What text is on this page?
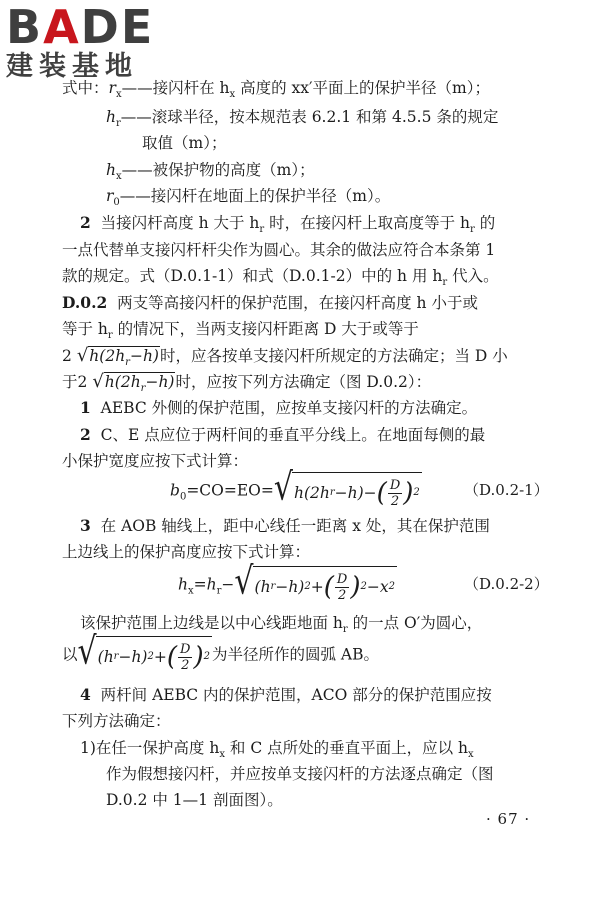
BADE
建装基地
式中：$r_x——$接闪杆在 $h_x$ 高度的 xx′平面上的保护半径（m）；
$h_r——$滚球半径，按本规范表 6.2.1 和第 4.5.5 条的规定
取值（m）；
$h_x——$被保护物的高度（m）；
$r_0——$接闪杆在地面上的保护半径（m）。
2 当接闪杆高度 h 大于 $h_r$ 时，在接闪杆上取高度等于 $h_r$ 的
一点代替单支接闪杆杆尖作为圆心。其余的做法应符合本条第 1
款的规定。式（D.0.1-1）和式（D.0.1-2）中的 h 用 $h_r$ 代入。
D.0.2 两支等高接闪杆的保护范围，在接闪杆高度 h 小于或
等于 $h_r$ 的情况下，当两支接闪杆距离 D 大于或等于
2 $√h(2h_r-h)$时，应各按单支接闪杆所规定的方法确定；当 D 小
于2 $√h(2h_r-h)$时，应按下列方法确定（图 D.0.2）：
1 AEBC 外侧的保护范围，应按单支接闪杆的方法确定。
2 C、E 点应位于两杆间的垂直平分线上。在地面每侧的最
小保护宽度应按下式计算：
$b_0=CO=EO=$ √ h(2h r −h)− ( $\frac{D}{2}$ ) 2	（D.0.2-1）
3 在 AOB 轴线上，距中心线任一距离 x 处，其在保护范围
上边线上的保护高度应按下式计算：
$h_x=h_r-$ √ (h r −h) 2 + ( $\frac{D}{2}$ ) 2 −x 2	（D.0.2-2）
该保护范围上边线是以中心线距地面 $h_r$ 的一点 O′为圆心，
以 √ (h r −h) 2 + ( $\frac{D}{2}$ ) 2 为半径所作的圆弧 AB。
4 两杆间 AEBC 内的保护范围，ACO 部分的保护范围应按
下列方法确定：
1)在任一保护高度 $h_x$ 和 C 点所处的垂直平面上，应以 $h_x$
作为假想接闪杆，并应按单支接闪杆的方法逐点确定（图
D.0.2 中 1—1 剖面图）。
· 67 ·
